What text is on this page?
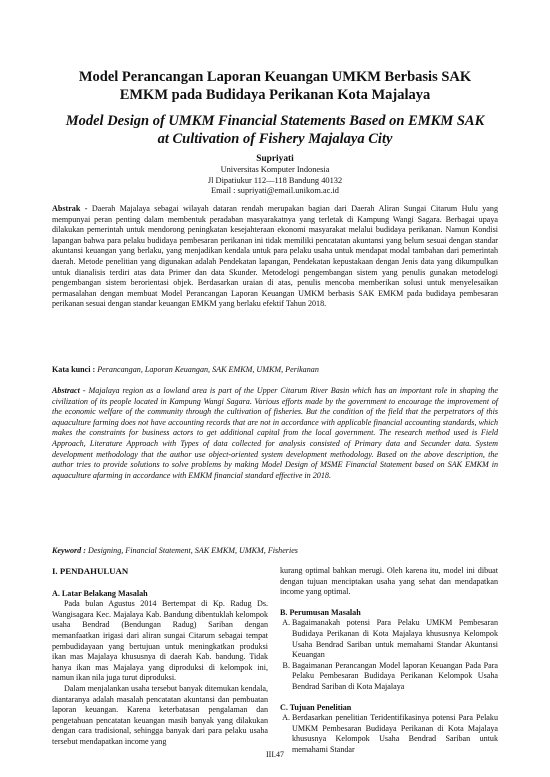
Model Perancangan Laporan Keuangan UMKM Berbasis SAK
EMKM pada Budidaya Perikanan Kota Majalaya
Model Design of UMKM Financial Statements Based on EMKM SAK
at Cultivation of Fishery Majalaya City
Supriyati
Universitas Komputer Indonesia
Jl Dipatiukur 112—118 Bandung 40132
Email : supriyati@email.unikom.ac.id
Abstrak - Daerah Majalaya sebagai wilayah dataran rendah merupakan bagian dari Daerah Aliran Sungai Citarum Hulu yang mempunyai peran penting dalam membentuk peradaban masyarakatnya yang terletak di Kampung Wangi Sagara. Berbagai upaya dilakukan pemerintah untuk mendorong peningkatan kesejahteraan ekonomi masyarakat melalui budidaya perikanan. Namun Kondisi lapangan bahwa para pelaku budidaya pembesaran perikanan ini tidak memiliki pencatatan akuntansi yang belum sesuai dengan standar akuntansi keuangan yang berlaku, yang menjadikan kendala untuk para pelaku usaha untuk mendapat modal tambahan dari pemerintah daerah. Metode penelitian yang digunakan adalah Pendekatan lapangan, Pendekatan kepustakaan dengan Jenis data yang dikumpulkan untuk dianalisis terdiri atas data Primer dan data Skunder. Metodelogi pengembangan sistem yang penulis gunakan metodelogi pengembangan sistem berorientasi objek. Berdasarkan uraian di atas, penulis mencoba memberikan solusi untuk menyelesaikan permasalahan dengan membuat Model Perancangan Laporan Keuangan UMKM berbasis SAK EMKM pada budidaya pembesaran perikanan sesuai dengan standar keuangan EMKM yang berlaku efektif Tahun 2018.
Kata kunci : Perancangan, Laporan Keuangan, SAK EMKM, UMKM, Perikanan
Abstract - Majalaya region as a lowland area is part of the Upper Citarum River Basin which has an important role in shaping the civilization of its people located in Kampung Wangi Sagara. Various efforts made by the government to encourage the improvement of the economic welfare of the community through the cultivation of fisheries. But the condition of the field that the perpetrators of this aquaculture farming does not have accounting records that are not in accordance with applicable financial accounting standards, which makes the constraints for business actors to get additional capital from the local government. The research method used is Field Approach, Literature Approach with Types of data collected for analysis consisted of Primary data and Secunder data. System development methodology that the author use object-oriented system development methodology. Based on the above description, the author tries to provide solutions to solve problems by making Model Design of MSME Financial Statement based on SAK EMKM in aquaculture afarming in accordance with EMKM financial standard effective in 2018.
Keyword : Designing, Financial Statement, SAK EMKM, UMKM, Fisheries
I. PENDAHULUAN
A. Latar Belakang Masalah

Pada bulan Agustus 2014 Bertempat di Kp. Radug Ds. Wangisagara Kec. Majalaya Kab. Bandung dibentuklah kelompok usaha Bendrad (Bendungan Radug) Sariban dengan memanfaatkan irigasi dari aliran sungai Citarum sebagai tempat pembudidayaan yang bertujuan untuk meningkatkan produksi ikan mas Majalaya khususnya di daerah Kab. bandung. Tidak hanya ikan mas Majalaya yang diproduksi di kelompok ini, namun ikan nila juga turut diproduksi.

Dalam menjalankan usaha tersebut banyak ditemukan kendala, diantaranya adalah masalah pencatatan akuntansi dan pembuatan laporan keuangan. Karena keterbatasan pengalaman dan pengetahuan pencatatan keuangan masih banyak yang dilakukan dengan cara tradisional, sehingga banyak dari para pelaku usaha tersebut mendapatkan income yang

kurang optimal bahkan merugi. Oleh karena itu, model ini dibuat dengan tujuan menciptakan usaha yang sehat dan mendapatkan income yang optimal.

B. Perumusan Masalah
A. Bagaimanakah potensi Para Pelaku UMKM Pembesaran Budidaya Perikanan di Kota Majalaya khususnya Kelompok Usaha Bendrad Sariban untuk memahami Standar Akuntansi Keuangan
B. Bagaimanan Perancangan Model laporan Keuangan Pada Para Pelaku Pembesaran Budidaya Perikanan Kelompok Usaha Bendrad Sariban di Kota Majalaya
C. Tujuan Penelitian
A. Berdasarkan penelitian Teridentifikasinya potensi Para Pelaku UMKM Pembesaran Budidaya Perikanan di Kota Majalaya khususnya Kelompok Usaha Bendrad Sariban untuk memahami Standar
III.47
